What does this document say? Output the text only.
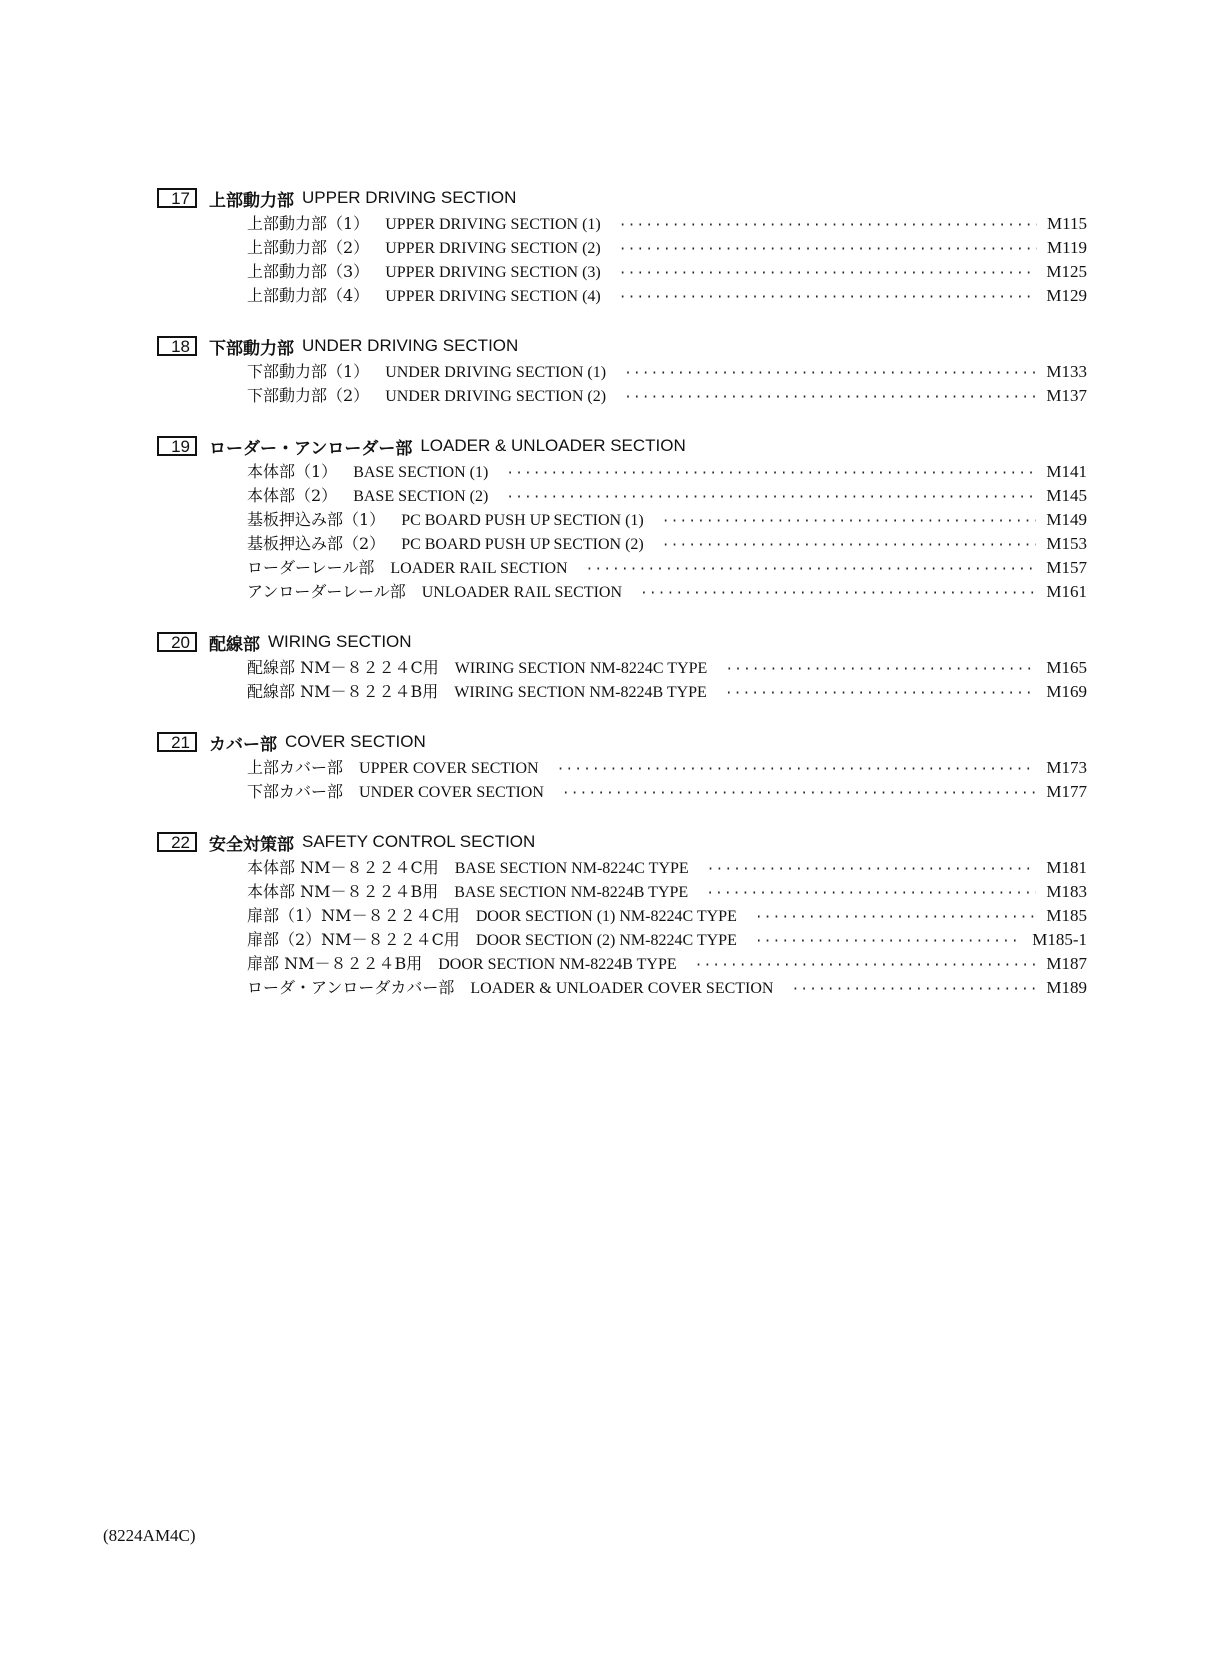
17	上部動力部 UPPER DRIVING SECTION
上部動力部（1） UPPER DRIVING SECTION (1) ·····	M115
上部動力部（2） UPPER DRIVING SECTION (2) ·····	M119
上部動力部（3） UPPER DRIVING SECTION (3) ·····	M125
上部動力部（4） UPPER DRIVING SECTION (4) ·····	M129
18	下部動力部 UNDER DRIVING SECTION
下部動力部（1） UNDER DRIVING SECTION (1) ·····	M133
下部動力部（2） UNDER DRIVING SECTION (2) ·····	M137
19	ローダー・アンローダー部 LOADER & UNLOADER SECTION
本体部（1） BASE SECTION (1) ·····	M141
本体部（2） BASE SECTION (2) ·····	M145
基板押込み部（1） PC BOARD PUSH UP SECTION (1) ·····	M149
基板押込み部（2） PC BOARD PUSH UP SECTION (2) ·····	M153
ローダーレール部 LOADER RAIL SECTION ·····	M157
アンローダーレール部 UNLOADER RAIL SECTION ·····	M161
20	配線部 WIRING SECTION
配線部 NM－８２２４C用 WIRING SECTION NM-8224C TYPE ·····	M165
配線部 NM－８２２４B用 WIRING SECTION NM-8224B TYPE ·····	M169
21	カバー部 COVER SECTION
上部カバー部 UPPER COVER SECTION ·····	M173
下部カバー部 UNDER COVER SECTION ·····	M177
22	安全対策部 SAFETY CONTROL SECTION
本体部 NM－８２２４C用 BASE SECTION NM-8224C TYPE ·····	M181
本体部 NM－８２２４B用 BASE SECTION NM-8224B TYPE ·····	M183
扉部（1）NM－８２２４C用 DOOR SECTION (1) NM-8224C TYPE ·····	M185
扉部（2）NM－８２２４C用 DOOR SECTION (2) NM-8224C TYPE ·····	M185-1
扉部 NM－８２２４B用 DOOR SECTION NM-8224B TYPE ·····	M187
ローダ・アンローダカバー部 LOADER & UNLOADER COVER SECTION ·····	M189
(8224AM4C)
